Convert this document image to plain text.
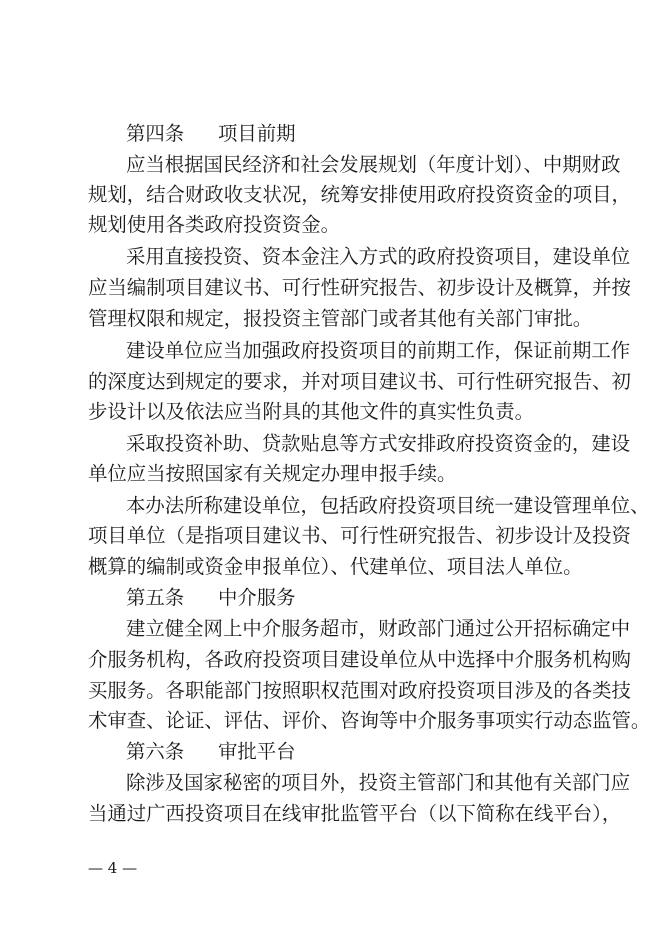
第四条 项目前期
应当根据国民经济和社会发展规划（年度计划）、中期财政
规划，结合财政收支状况，统筹安排使用政府投资资金的项目，
规划使用各类政府投资资金。
采用直接投资、资本金注入方式的政府投资项目，建设单位
应当编制项目建议书、可行性研究报告、初步设计及概算，并按
管理权限和规定，报投资主管部门或者其他有关部门审批。
建设单位应当加强政府投资项目的前期工作，保证前期工作
的深度达到规定的要求，并对项目建议书、可行性研究报告、初
步设计以及依法应当附具的其他文件的真实性负责。
采取投资补助、贷款贴息等方式安排政府投资资金的，建设
单位应当按照国家有关规定办理申报手续。
本办法所称建设单位，包括政府投资项目统一建设管理单位、
项目单位（是指项目建议书、可行性研究报告、初步设计及投资
概算的编制或资金申报单位）、代建单位、项目法人单位。
第五条 中介服务
建立健全网上中介服务超市，财政部门通过公开招标确定中
介服务机构，各政府投资项目建设单位从中选择中介服务机构购
买服务。各职能部门按照职权范围对政府投资项目涉及的各类技
术审查、论证、评估、评价、咨询等中介服务事项实行动态监管。
第六条 审批平台
除涉及国家秘密的项目外，投资主管部门和其他有关部门应
当通过广西投资项目在线审批监管平台（以下简称在线平台），
— 4 —
